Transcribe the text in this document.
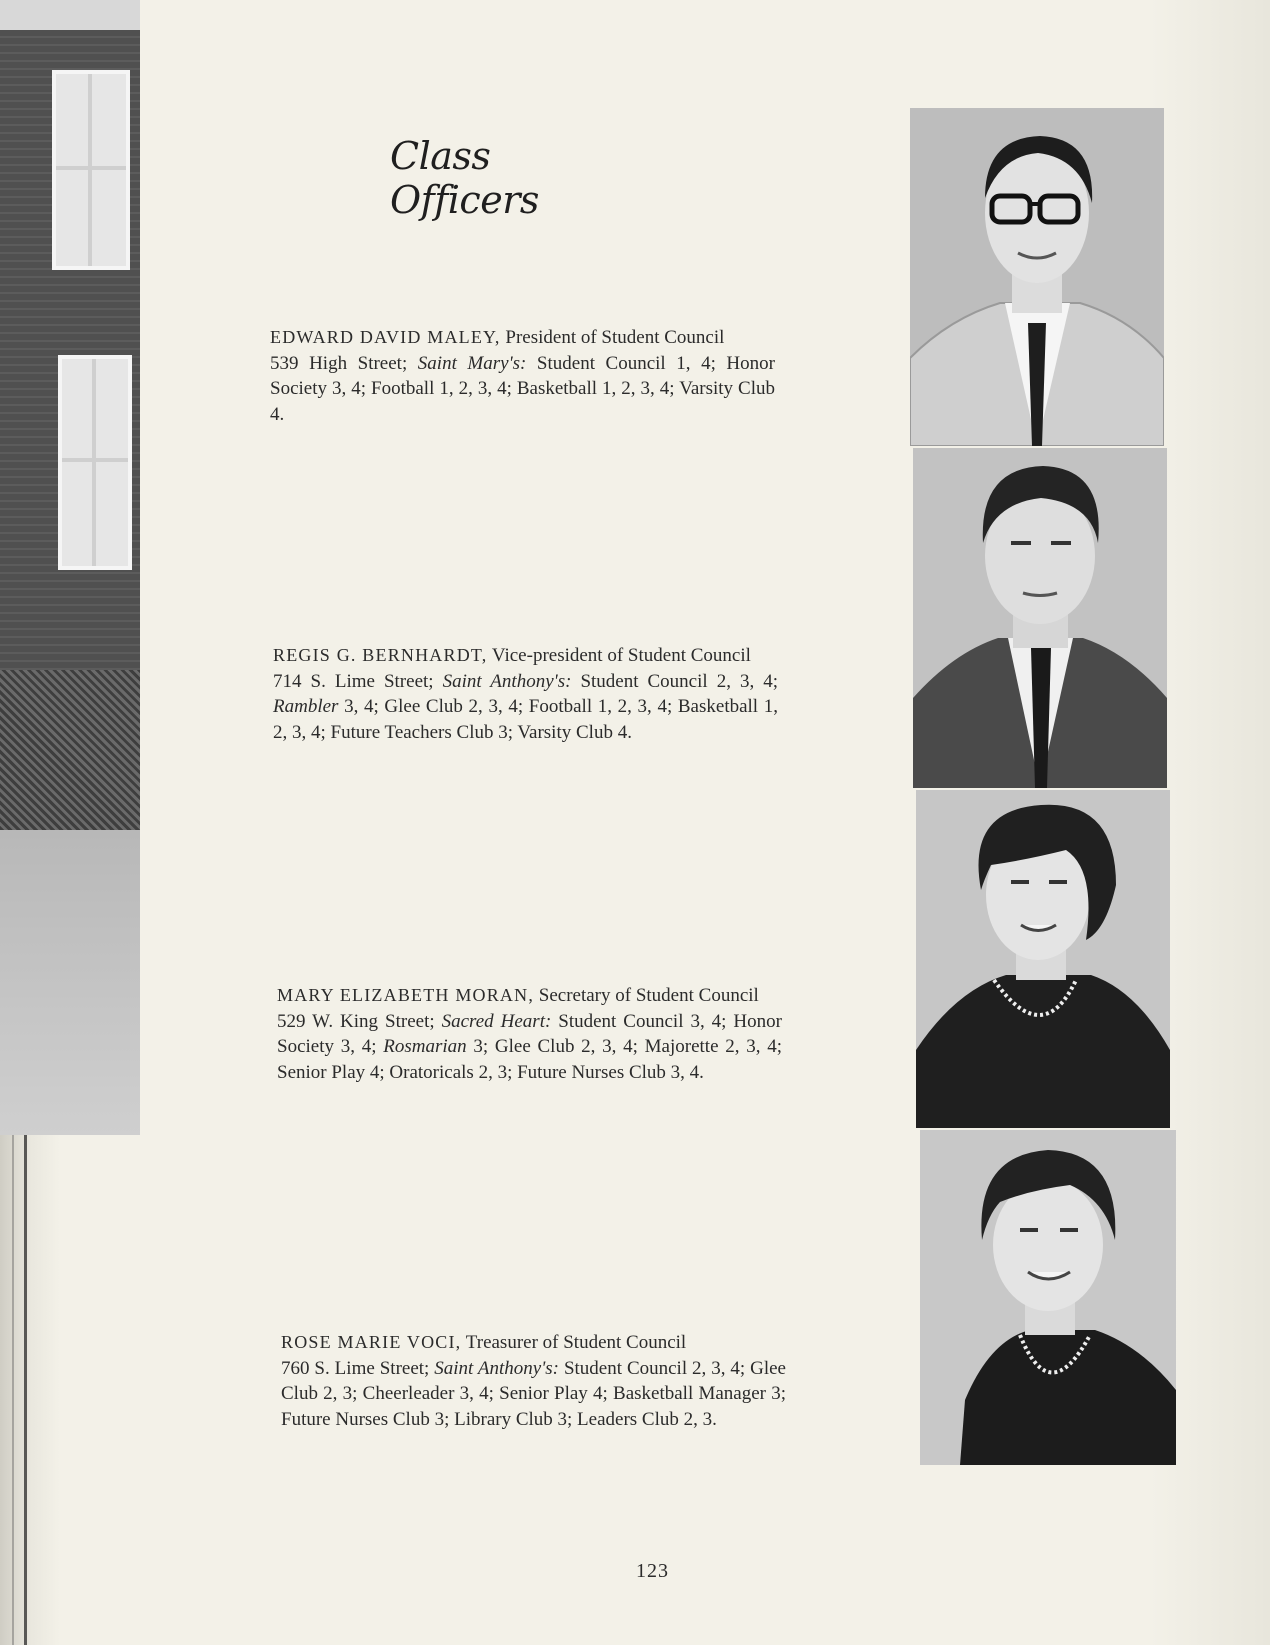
Class Officers
EDWARD DAVID MALEY, President of Student Council
539 High Street; Saint Mary's: Student Council 1, 4; Honor Society 3, 4; Football 1, 2, 3, 4; Basketball 1, 2, 3, 4; Varsity Club 4.
REGIS G. BERNHARDT, Vice-president of Student Council
714 S. Lime Street; Saint Anthony's: Student Council 2, 3, 4; Rambler 3, 4; Glee Club 2, 3, 4; Football 1, 2, 3, 4; Basketball 1, 2, 3, 4; Future Teachers Club 3; Varsity Club 4.
MARY ELIZABETH MORAN, Secretary of Student Council
529 W. King Street; Sacred Heart: Student Council 3, 4; Honor Society 3, 4; Rosmarian 3; Glee Club 2, 3, 4; Majorette 2, 3, 4; Senior Play 4; Oratoricals 2, 3; Future Nurses Club 3, 4.
ROSE MARIE VOCI, Treasurer of Student Council
760 S. Lime Street; Saint Anthony's: Student Council 2, 3, 4; Glee Club 2, 3; Cheerleader 3, 4; Senior Play 4; Basketball Manager 3; Future Nurses Club 3; Library Club 3; Leaders Club 2, 3.
123
